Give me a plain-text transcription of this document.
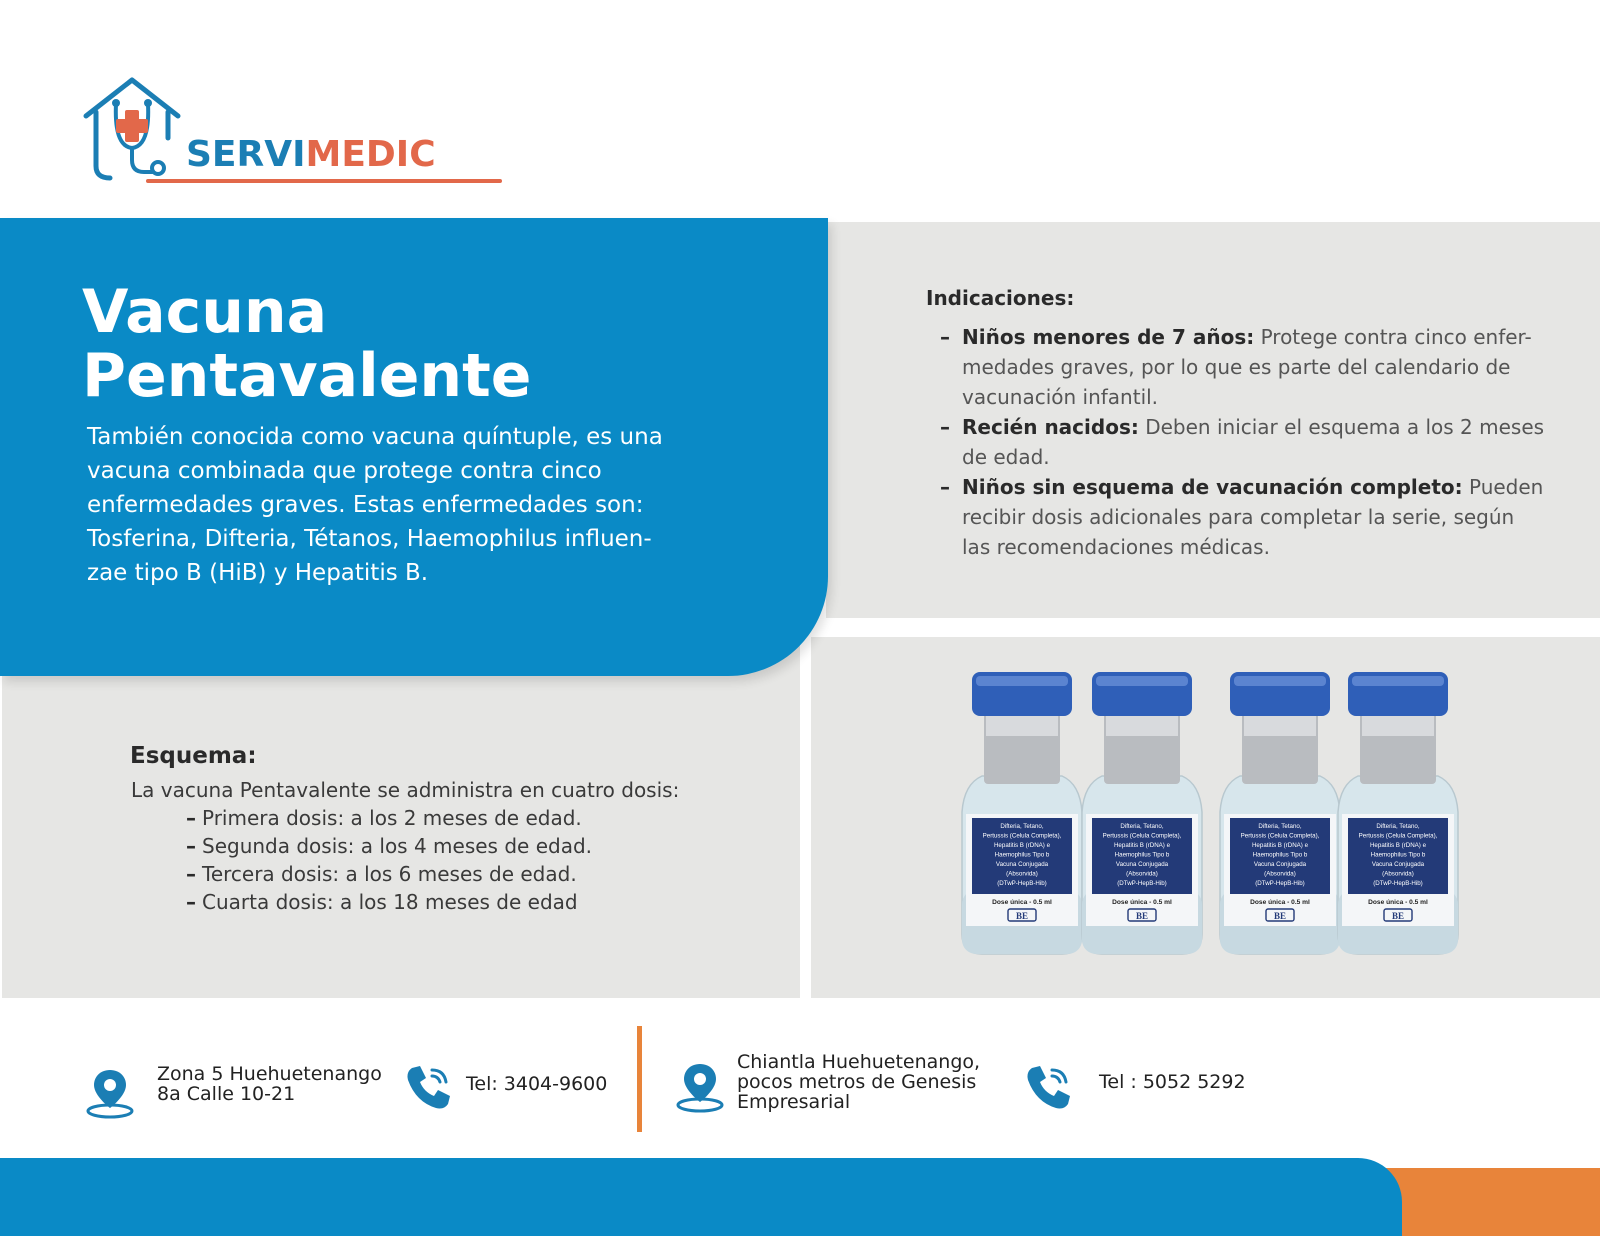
SERVIMEDIC
Vacuna
Pentavalente

También conocida como vacuna quíntuple, es una
vacuna combinada que protege contra cinco
enfermedades graves. Estas enfermedades son:
Tosferina, Difteria, Tétanos, Haemophilus influen-
zae tipo B (HiB) y Hepatitis B.

Indicaciones:
– Niños menores de 7 años: Protege contra cinco enfer-
medades graves, por lo que es parte del calendario de
vacunación infantil.
– Recién nacidos: Deben iniciar el esquema a los 2 meses
de edad.
– Niños sin esquema de vacunación completo: Pueden
recibir dosis adicionales para completar la serie, según
las recomendaciones médicas.
Esquema:

La vacuna Pentavalente se administra en cuatro dosis:

– Primera dosis: a los 2 meses de edad.
– Segunda dosis: a los 4 meses de edad.
– Tercera dosis: a los 6 meses de edad.
– Cuarta dosis: a los 18 meses de edad
Difteria, Tetano,
Pertussis (Celula Completa),
Hepatitis B (rDNA) e
Haemophilus Tipo b
Vacuna Conjugada
(Absorvida)
(DTwP-HepB-Hib)
Dose única - 0.5 ml
BE
Difteria, Tetano,
Pertussis (Celula Completa),
Hepatitis B (rDNA) e
Haemophilus Tipo b
Vacuna Conjugada
(Absorvida)
(DTwP-HepB-Hib)
Dose única - 0.5 ml
BE
Difteria, Tetano,
Pertussis (Celula Completa),
Hepatitis B (rDNA) e
Haemophilus Tipo b
Vacuna Conjugada
(Absorvida)
(DTwP-HepB-Hib)
Dose única - 0.5 ml
BE
Difteria, Tetano,
Pertussis (Celula Completa),
Hepatitis B (rDNA) e
Haemophilus Tipo b
Vacuna Conjugada
(Absorvida)
(DTwP-HepB-Hib)
Dose única - 0.5 ml
BE
Zona 5 Huehuetenango
8a Calle 10-21	Tel: 3404-9600
Chiantla Huehuetenango,
pocos metros de Genesis
Empresarial
Tel : 5052 5292
